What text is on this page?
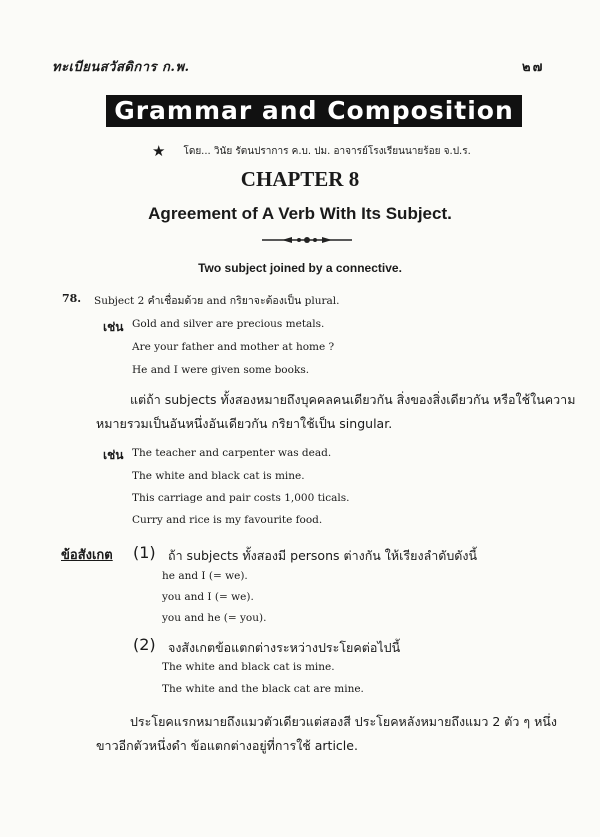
ทะเบียนสวัสดิการ ก.พ.	๒๗
Grammar and Composition
★ โดย... วินัย รัตนปราการ ค.บ. ปม. อาจารย์โรงเรียนนายร้อย จ.ป.ร.
CHAPTER 8
Agreement of A Verb With Its Subject.
Two subject joined by a connective.
78. Subject 2 คำเชื่อมด้วย and กริยาจะต้องเป็น plural.
เช่น Gold and silver are precious metals.
Are your father and mother at home ?
He and I were given some books.
แต่ถ้า subjects ทั้งสองหมายถึงบุคคลคนเดียวกัน สิ่งของสิ่งเดียวกัน หรือใช้ในความ
หมายรวมเป็นอันหนึ่งอันเดียวกัน กริยาใช้เป็น singular.
เช่น The teacher and carpenter was dead.
The white and black cat is mine.
This carriage and pair costs 1,000 ticals.
Curry and rice is my favourite food.
ข้อสังเกต (1) ถ้า subjects ทั้งสองมี persons ต่างกัน ให้เรียงลำดับดังนี้
he and I (= we).
you and I (= we).
you and he (= you).
(2) จงสังเกตข้อแตกต่างระหว่างประโยคต่อไปนี้
The white and black cat is mine.
The white and the black cat are mine.
ประโยคแรกหมายถึงแมวตัวเดียวแต่สองสี ประโยคหลังหมายถึงแมว 2 ตัว ๆ หนึ่ง
ขาวอีกตัวหนึ่งดำ ข้อแตกต่างอยู่ที่การใช้ article.
